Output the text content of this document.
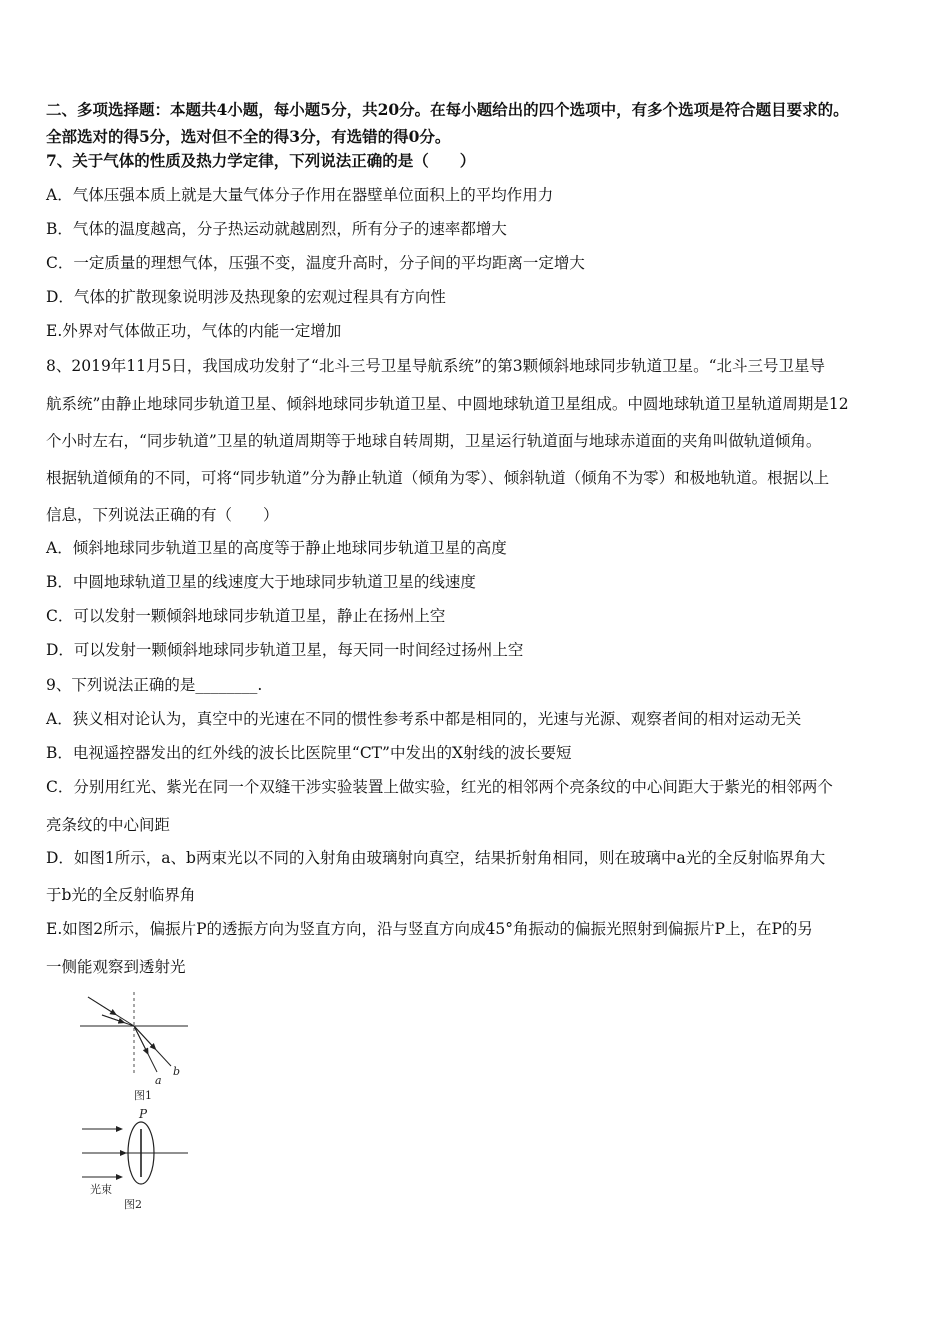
二、多项选择题：本题共4小题，每小题5分，共20分。在每小题给出的四个选项中，有多个选项是符合题目要求的。
全部选对的得5分，选对但不全的得3分，有选错的得0分。
7、关于气体的性质及热力学定律，下列说法正确的是（　　）
A．气体压强本质上就是大量气体分子作用在器壁单位面积上的平均作用力
B．气体的温度越高，分子热运动就越剧烈，所有分子的速率都增大
C．一定质量的理想气体，压强不变，温度升高时，分子间的平均距离一定增大
D．气体的扩散现象说明涉及热现象的宏观过程具有方向性
E.外界对气体做正功，气体的内能一定增加
8、2019年11月5日，我国成功发射了“北斗三号卫星导航系统”的第3颗倾斜地球同步轨道卫星。“北斗三号卫星导
航系统”由静止地球同步轨道卫星、倾斜地球同步轨道卫星、中圆地球轨道卫星组成。中圆地球轨道卫星轨道周期是12
个小时左右，“同步轨道”卫星的轨道周期等于地球自转周期，卫星运行轨道面与地球赤道面的夹角叫做轨道倾角。
根据轨道倾角的不同，可将“同步轨道”分为静止轨道（倾角为零）、倾斜轨道（倾角不为零）和极地轨道。根据以上
信息，下列说法正确的有（　　）
A．倾斜地球同步轨道卫星的高度等于静止地球同步轨道卫星的高度
B．中圆地球轨道卫星的线速度大于地球同步轨道卫星的线速度
C．可以发射一颗倾斜地球同步轨道卫星，静止在扬州上空
D．可以发射一颗倾斜地球同步轨道卫星，每天同一时间经过扬州上空
9、下列说法正确的是________.
A．狭义相对论认为，真空中的光速在不同的惯性参考系中都是相同的，光速与光源、观察者间的相对运动无关
B．电视遥控器发出的红外线的波长比医院里“CT”中发出的X射线的波长要短
C．分别用红光、紫光在同一个双缝干涉实验装置上做实验，红光的相邻两个亮条纹的中心间距大于紫光的相邻两个
亮条纹的中心间距
D．如图1所示，a、b两束光以不同的入射角由玻璃射向真空，结果折射角相同，则在玻璃中a光的全反射临界角大
于b光的全反射临界角
E.如图2所示，偏振片P的透振方向为竖直方向，沿与竖直方向成45°角振动的偏振光照射到偏振片P上，在P的另
一侧能观察到透射光
a
b
图1
P
光束
图2
